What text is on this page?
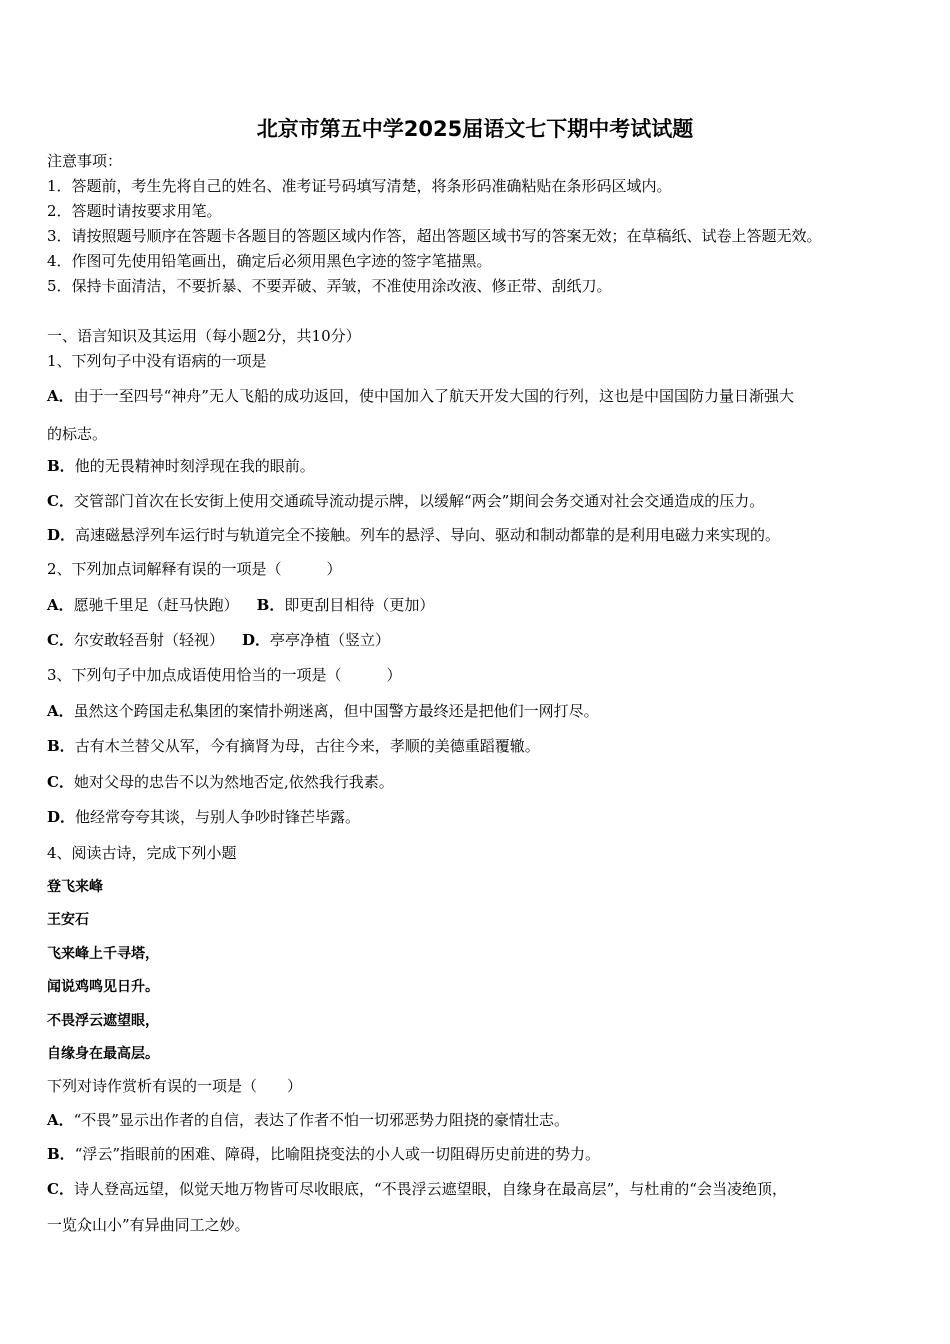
北京市第五中学2025届语文七下期中考试试题
注意事项：
1．答题前，考生先将自己的姓名、准考证号码填写清楚，将条形码准确粘贴在条形码区域内。
2．答题时请按要求用笔。
3．请按照题号顺序在答题卡各题目的答题区域内作答，超出答题区域书写的答案无效；在草稿纸、试卷上答题无效。
4．作图可先使用铅笔画出，确定后必须用黑色字迹的签字笔描黑。
5．保持卡面清洁，不要折暴、不要弄破、弄皱，不准使用涂改液、修正带、刮纸刀。
一、语言知识及其运用（每小题2分，共10分）
1、下列句子中没有语病的一项是
A．由于一至四号“神舟”无人飞船的成功返回，使中国加入了航天开发大国的行列，这也是中国国防力量日渐强大
的标志。
B．他的无畏精神时刻浮现在我的眼前。
C．交管部门首次在长安街上使用交通疏导流动提示牌，以缓解“两会”期间会务交通对社会交通造成的压力。
D．高速磁悬浮列车运行时与轨道完全不接触。列车的悬浮、导向、驱动和制动都靠的是利用电磁力来实现的。
2、下列加点词解释有误的一项是（　　　）
A．愿驰千里足（赶马快跑） B．即更刮目相待（更加）
C．尔安敢轻吾射（轻视） D．亭亭净植（竖立）
3、下列句子中加点成语使用恰当的一项是（　　　）
A．虽然这个跨国走私集团的案情扑朔迷离，但中国警方最终还是把他们一网打尽。
B．古有木兰替父从军，今有摘肾为母，古往今来，孝顺的美德重蹈覆辙。
C．她对父母的忠告不以为然地否定,依然我行我素。
D．他经常夸夸其谈，与别人争吵时锋芒毕露。
4、阅读古诗，完成下列小题
登飞来峰
王安石
飞来峰上千寻塔，
闻说鸡鸣见日升。
不畏浮云遮望眼，
自缘身在最高层。
下列对诗作赏析有误的一项是（　　）
A．“不畏”显示出作者的自信，表达了作者不怕一切邪恶势力阻挠的豪情壮志。
B．“浮云”指眼前的困难、障碍，比喻阻挠变法的小人或一切阻碍历史前进的势力。
C．诗人登高远望，似觉天地万物皆可尽收眼底，“不畏浮云遮望眼，自缘身在最高层”，与杜甫的“会当凌绝顶，
一览众山小”有异曲同工之妙。
